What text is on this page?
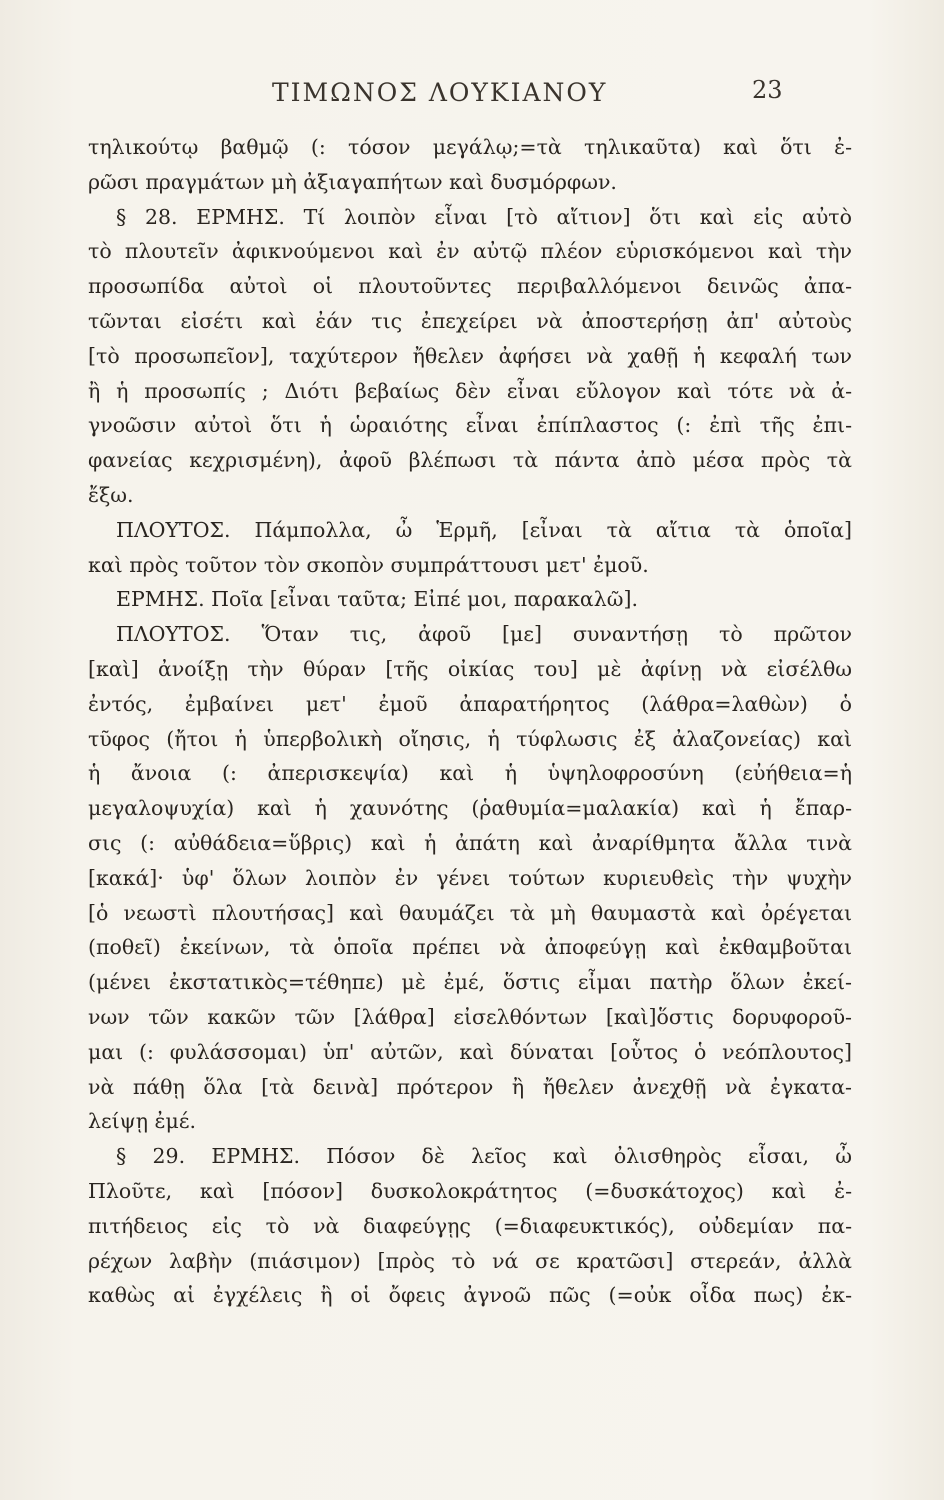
ΤΙΜΩΝΟΣ ΛΟΥΚΙΑΝΟΥ	23
τηλικούτῳ βαθμῷ (: τόσον μεγάλῳ;=τὰ τηλικαῦτα) καὶ ὅτι ἐ-
ρῶσι πραγμάτων μὴ ἀξιαγαπήτων καὶ δυσμόρφων.
§ 28. ΕΡΜΗΣ. Τί λοιπὸν εἶναι [τὸ αἴτιον] ὅτι καὶ εἰς αὐτὸ
τὸ πλουτεῖν ἀφικνούμενοι καὶ ἐν αὐτῷ πλέον εὑρισκόμενοι καὶ τὴν
προσωπίδα αὐτοὶ οἱ πλουτοῦντες περιβαλλόμενοι δεινῶς ἀπα-
τῶνται εἰσέτι καὶ ἐάν τις ἐπεχείρει νὰ ἀποστερήσῃ ἀπ' αὐτοὺς
[τὸ προσωπεῖον], ταχύτερον ἤθελεν ἀφήσει νὰ χαθῇ ἡ κεφαλή των
ἢ ἡ προσωπίς ; Διότι βεβαίως δὲν εἶναι εὔλογον καὶ τότε νὰ ἀ-
γνοῶσιν αὐτοὶ ὅτι ἡ ὡραιότης εἶναι ἐπίπλαστος (: ἐπὶ τῆς ἐπι-
φανείας κεχρισμένη), ἀφοῦ βλέπωσι τὰ πάντα ἀπὸ μέσα πρὸς τὰ
ἔξω.
ΠΛΟΥΤΟΣ. Πάμπολλα, ὦ Ἑρμῆ, [εἶναι τὰ αἴτια τὰ ὁποῖα]
καὶ πρὸς τοῦτον τὸν σκοπὸν συμπράττουσι μετ' ἐμοῦ.
ΕΡΜΗΣ. Ποῖα [εἶναι ταῦτα; Εἰπέ μοι, παρακαλῶ].
ΠΛΟΥΤΟΣ. Ὅταν τις, ἀφοῦ [με] συναντήσῃ τὸ πρῶτον
[καὶ] ἀνοίξῃ τὴν θύραν [τῆς οἰκίας του] μὲ ἀφίνῃ νὰ εἰσέλθω
ἐντός, ἐμβαίνει μετ' ἐμοῦ ἀπαρατήρητος (λάθρα=λαθὼν) ὁ
τῦφος (ἤτοι ἡ ὑπερβολικὴ οἴησις, ἡ τύφλωσις ἐξ ἀλαζονείας) καὶ
ἡ ἄνοια (: ἀπερισκεψία) καὶ ἡ ὑψηλοφροσύνη (εὐήθεια=ἡ
μεγαλοψυχία) καὶ ἡ χαυνότης (ῥαθυμία=μαλακία) καὶ ἡ ἔπαρ-
σις (: αὐθάδεια=ὕβρις) καὶ ἡ ἀπάτη καὶ ἀναρίθμητα ἄλλα τινὰ
[κακά]· ὑφ' ὅλων λοιπὸν ἐν γένει τούτων κυριευθεὶς τὴν ψυχὴν
[ὁ νεωστὶ πλουτήσας] καὶ θαυμάζει τὰ μὴ θαυμαστὰ καὶ ὀρέγεται
(ποθεῖ) ἐκείνων, τὰ ὁποῖα πρέπει νὰ ἀποφεύγῃ καὶ ἐκθαμβοῦται
(μένει ἐκστατικὸς=τέθηπε) μὲ ἐμέ, ὅστις εἶμαι πατὴρ ὅλων ἐκεί-
νων τῶν κακῶν τῶν [λάθρα] εἰσελθόντων [καὶ]ὅστις δορυφοροῦ-
μαι (: φυλάσσομαι) ὑπ' αὐτῶν, καὶ δύναται [οὗτος ὁ νεόπλουτος]
νὰ πάθῃ ὅλα [τὰ δεινὰ] πρότερον ἢ ἤθελεν ἀνεχθῇ νὰ ἐγκατα-
λείψῃ ἐμέ.
§ 29. ΕΡΜΗΣ. Πόσον δὲ λεῖος καὶ ὀλισθηρὸς εἶσαι, ὦ
Πλοῦτε, καὶ [πόσον] δυσκολοκράτητος (=δυσκάτοχος) καὶ ἐ-
πιτήδειος εἰς τὸ νὰ διαφεύγῃς (=διαφευκτικός), οὐδεμίαν πα-
ρέχων λαβὴν (πιάσιμον) [πρὸς τὸ νά σε κρατῶσι] στερεάν, ἀλλὰ
καθὼς αἱ ἐγχέλεις ἢ οἱ ὄφεις ἀγνοῶ πῶς (=οὐκ οἶδα πως) ἐκ-
